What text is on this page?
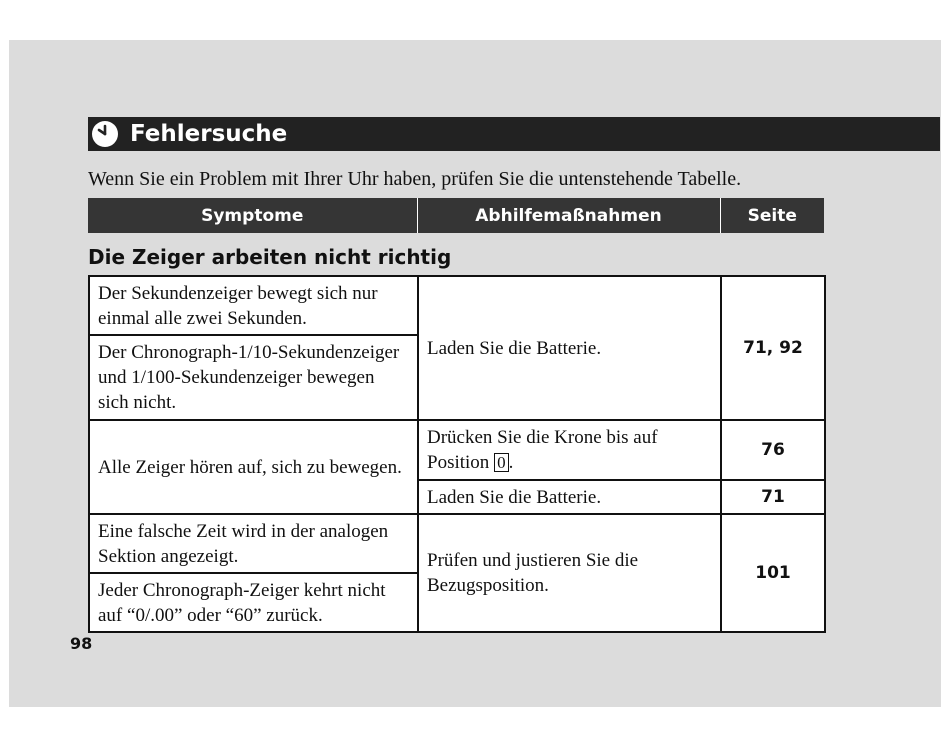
Fehlersuche
Wenn Sie ein Problem mit Ihrer Uhr haben, prüfen Sie die untenstehende Tabelle.
Symptome	Abhilfemaßnahmen	Seite
Die Zeiger arbeiten nicht richtig
Der Sekundenzeiger bewegt sich nur einmal alle zwei Sekunden.	Laden Sie die Batterie.	71, 92
Der Chronograph-1/10-Sekundenzeiger und 1/100-Sekundenzeiger bewegen sich nicht.		
Alle Zeiger hören auf, sich zu bewegen.	Drücken Sie die Krone bis auf Position 0 .	76
	Laden Sie die Batterie.	71
Eine falsche Zeit wird in der analogen Sektion angezeigt.	Prüfen und justieren Sie die Bezugsposition.	101
Jeder Chronograph-Zeiger kehrt nicht auf “0/.00” oder “60” zurück.		
98
